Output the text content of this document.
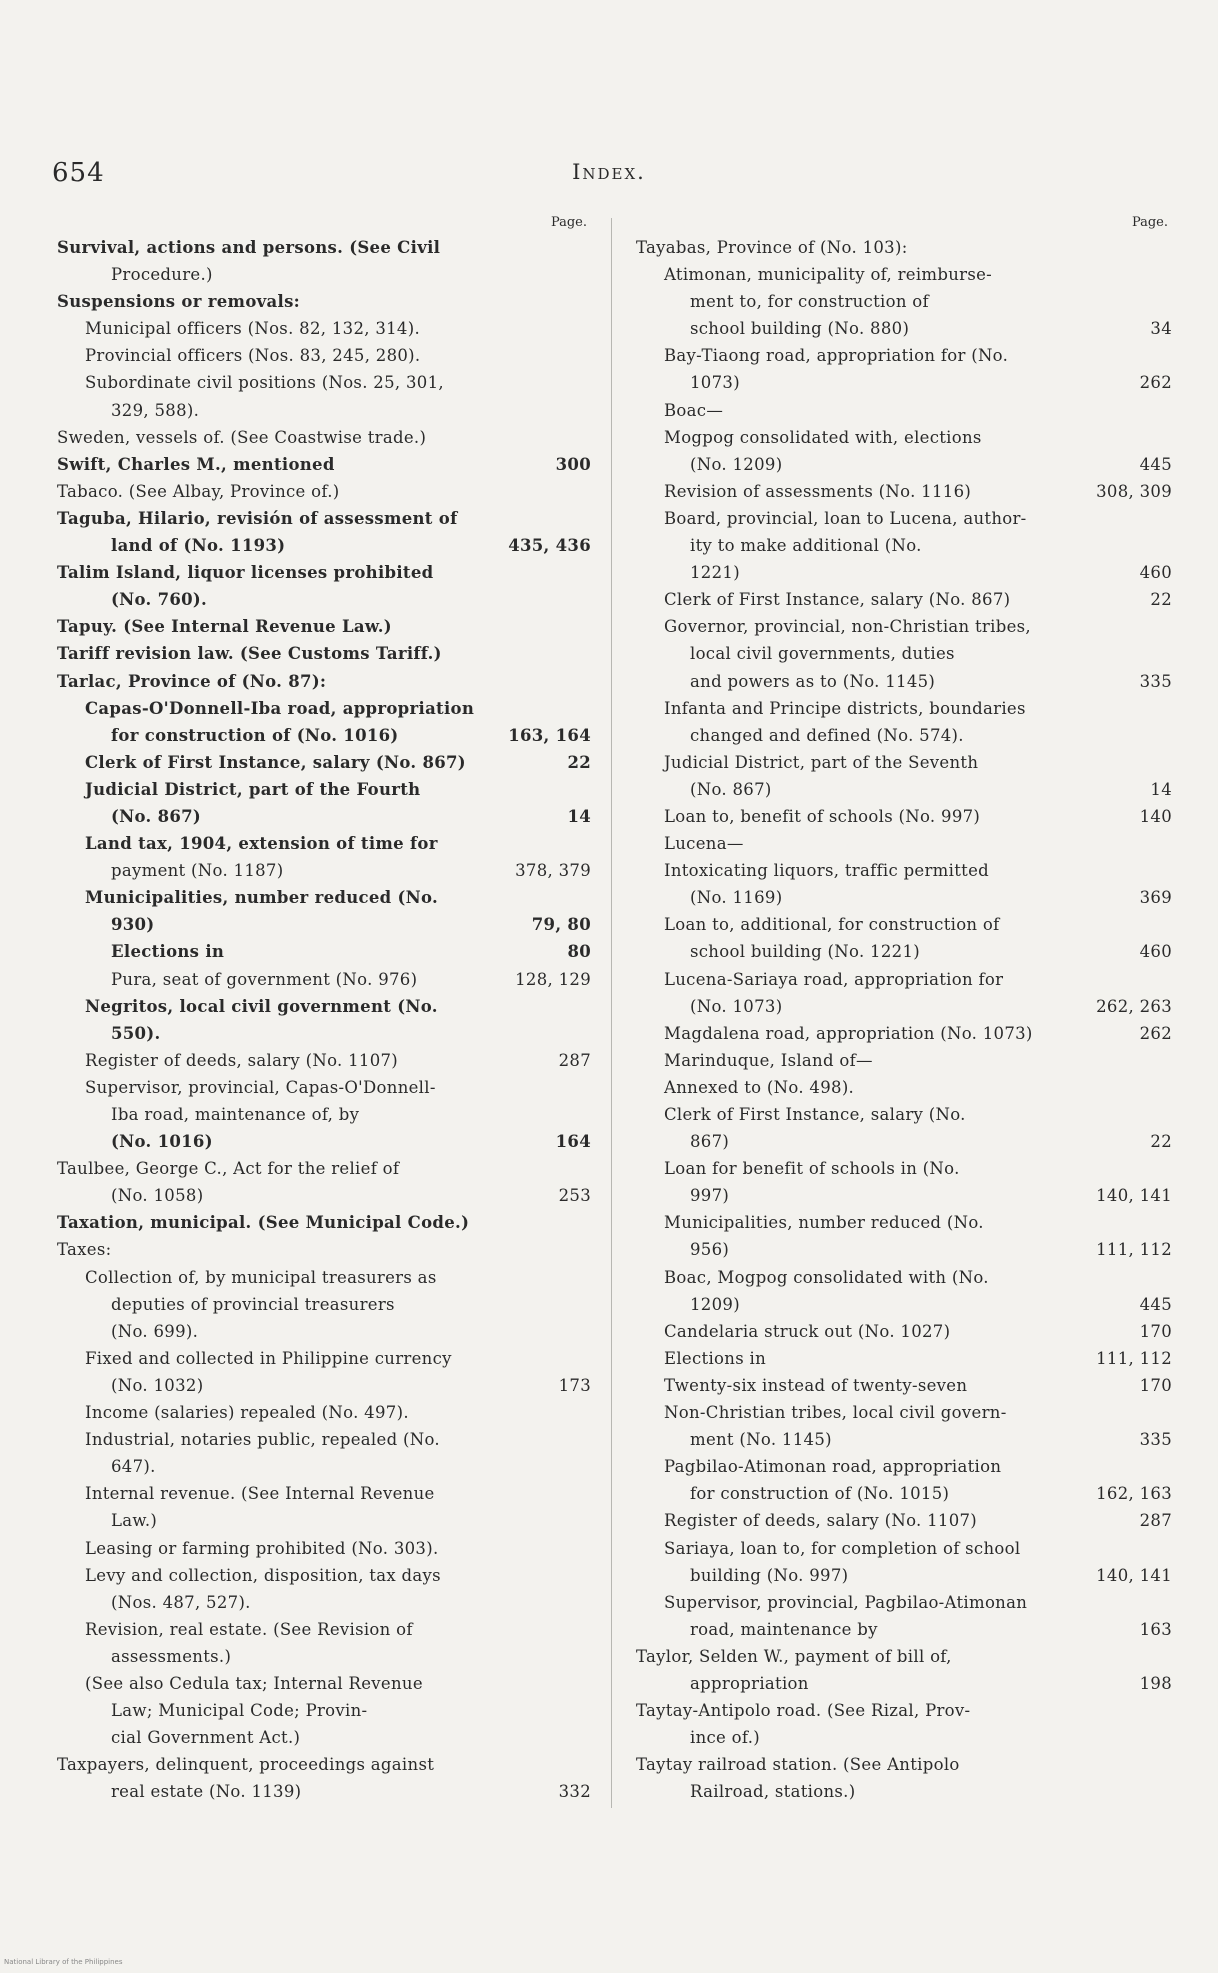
654	Index.
Page.
Survival, actions and persons. (See Civil
Procedure.)
Suspensions or removals:
Municipal officers (Nos. 82, 132, 314).
Provincial officers (Nos. 83, 245, 280).
Subordinate civil positions (Nos. 25, 301,
329, 588).
Sweden, vessels of. (See Coastwise trade.)
300
Swift, Charles M., mentioned
Tabaco. (See Albay, Province of.)
Taguba, Hilario, revisión of assessment of
435, 436
land of (No. 1193)
Talim Island, liquor licenses prohibited
(No. 760).
Tapuy. (See Internal Revenue Law.)
Tariff revision law. (See Customs Tariff.)
Tarlac, Province of (No. 87):
Capas-O'Donnell-Iba road, appropriation
163, 164
for construction of (No. 1016)
22
Clerk of First Instance, salary (No. 867)
Judicial District, part of the Fourth
14
(No. 867)
Land tax, 1904, extension of time for
378, 379
payment (No. 1187)
Municipalities, number reduced (No.
79, 80
930)
80
Elections in
128, 129
Pura, seat of government (No. 976)
Negritos, local civil government (No.
550).
287
Register of deeds, salary (No. 1107)
Supervisor, provincial, Capas-O'Donnell-
Iba road, maintenance of, by
164
(No. 1016)
Taulbee, George C., Act for the relief of
253
(No. 1058)
Taxation, municipal. (See Municipal Code.)
Taxes:
Collection of, by municipal treasurers as
deputies of provincial treasurers
(No. 699).
Fixed and collected in Philippine currency
173
(No. 1032)
Income (salaries) repealed (No. 497).
Industrial, notaries public, repealed (No.
647).
Internal revenue. (See Internal Revenue
Law.)
Leasing or farming prohibited (No. 303).
Levy and collection, disposition, tax days
(Nos. 487, 527).
Revision, real estate. (See Revision of
assessments.)
(See also Cedula tax; Internal Revenue
Law; Municipal Code; Provin-
cial Government Act.)
Taxpayers, delinquent, proceedings against
332
real estate (No. 1139)
Page.
Tayabas, Province of (No. 103):
Atimonan, municipality of, reimburse-
ment to, for construction of
34
school building (No. 880)
Bay-Tiaong road, appropriation for (No.
262
1073)
Boac—
Mogpog consolidated with, elections
445
(No. 1209)
308, 309
Revision of assessments (No. 1116)
Board, provincial, loan to Lucena, author-
ity to make additional (No.
460
1221)
22
Clerk of First Instance, salary (No. 867)
Governor, provincial, non-Christian tribes,
local civil governments, duties
335
and powers as to (No. 1145)
Infanta and Principe districts, boundaries
changed and defined (No. 574).
Judicial District, part of the Seventh
14
(No. 867)
140
Loan to, benefit of schools (No. 997)
Lucena—
Intoxicating liquors, traffic permitted
369
(No. 1169)
Loan to, additional, for construction of
460
school building (No. 1221)
Lucena-Sariaya road, appropriation for
262, 263
(No. 1073)
262
Magdalena road, appropriation (No. 1073)
Marinduque, Island of—
Annexed to (No. 498).
Clerk of First Instance, salary (No.
22
867)
Loan for benefit of schools in (No.
140, 141
997)
Municipalities, number reduced (No.
111, 112
956)
Boac, Mogpog consolidated with (No.
445
1209)
170
Candelaria struck out (No. 1027)
111, 112
Elections in
170
Twenty-six instead of twenty-seven
Non-Christian tribes, local civil govern-
335
ment (No. 1145)
Pagbilao-Atimonan road, appropriation
162, 163
for construction of (No. 1015)
287
Register of deeds, salary (No. 1107)
Sariaya, loan to, for completion of school
140, 141
building (No. 997)
Supervisor, provincial, Pagbilao-Atimonan
163
road, maintenance by
Taylor, Selden W., payment of bill of,
198
appropriation
Taytay-Antipolo road. (See Rizal, Prov-
ince of.)
Taytay railroad station. (See Antipolo
Railroad, stations.)
National Library of the Philippines
